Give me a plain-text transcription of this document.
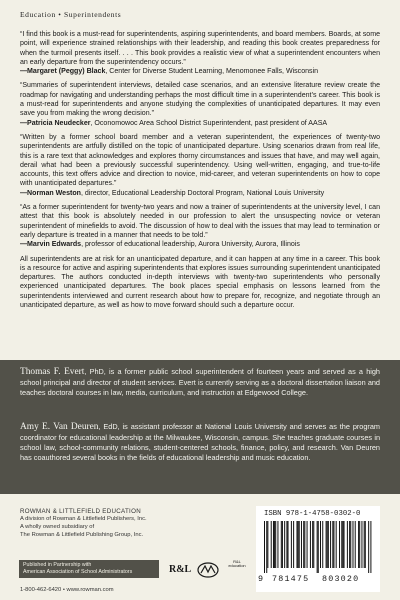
Education • Superintendents

“I find this book is a must-read for superintendents, aspiring superintendents, and board members. Boards, at some point, will experience strained relationships with their leadership, and reading this book creates preparedness for when the turmoil presents itself. . . . This book provides a realistic view of what a superintendent encounters when an early departure from the superintendency occurs.”
—Margaret (Peggy) Black, Center for Diverse Student Learning, Menomonee Falls, Wisconsin

“Summaries of superintendent interviews, detailed case scenarios, and an extensive literature review create the roadmap for navigating and understanding perhaps the most difficult time in a superintendent’s career. This book is a must-read for superintendents and anyone studying the complexities of unanticipated departures. It may even save you from making the wrong decision.”
—Patricia Neudecker, Oconomowoc Area School District Superintendent, past president of AASA

“Written by a former school board member and a veteran superintendent, the experiences of twenty-two superintendents are artfully distilled on the topic of unanticipated departure. Using scenarios drawn from real life, this is a rare text that acknowledges and explores thorny circumstances and issues that have, and may well again, derail what had been a previously successful superintendency. Using well-written, engaging, and true-to-life accounts, this text offers advice and direction to novice, mid-career, and veteran superintendents on how to cope with unanticipated departures.”
—Norman Weston, director, Educational Leadership Doctoral Program, National Louis University

“As a former superintendent for twenty-two years and now a trainer of superintendents at the university level, I can attest that this book is absolutely needed in our profession to alert the unsuspecting novice or veteran superintendent of minefields to avoid. The discussion of how to deal with the issues that may lead to termination or early departure is treated in a manner that needs to be told.”
—Marvin Edwards, professor of educational leadership, Aurora University, Aurora, Illinois

All superintendents are at risk for an unanticipated departure, and it can happen at any time in a career. This book is a resource for active and aspiring superintendents that explores issues surrounding superintendent unanticipated departures. The authors conducted in-depth interviews with twenty-two superintendents who personally experienced unanticipated departures. The book places special emphasis on lessons learned from the superintendents interviewed and current research about how to prepare for, recognize, and negotiate through an unanticipated departure, as well as how to move forward should such a departure occur.

Thomas F. Evert, PhD, is a former public school superintendent of fourteen years and served as a high school principal and director of student services. Evert is currently serving as a doctoral dissertation liaison and teaches doctoral courses in law, media, curriculum, and instruction at Edgewood College.
Amy E. Van Deuren, EdD, is assistant professor at National Louis University and serves as the program coordinator for educational leadership at the Milwaukee, Wisconsin, campus. She teaches graduate courses in school law, school-community relations, student-centered schools, finance, policy, and research. Van Deuren has coauthored several books in the fields of educational leadership and music education.
ROWMAN & LITTLEFIELD EDUCATION
A division of Rowman & Littlefield Publishers, Inc.
A wholly owned subsidiary of
The Rowman & Littlefield Publishing Group, Inc.
Published in Partnership with
American Association of School Administrators	R&L
R&L education
1-800-462-6420 • www.rowman.com
ISBN 978-1-4758-0302-0
9 781475 803020
